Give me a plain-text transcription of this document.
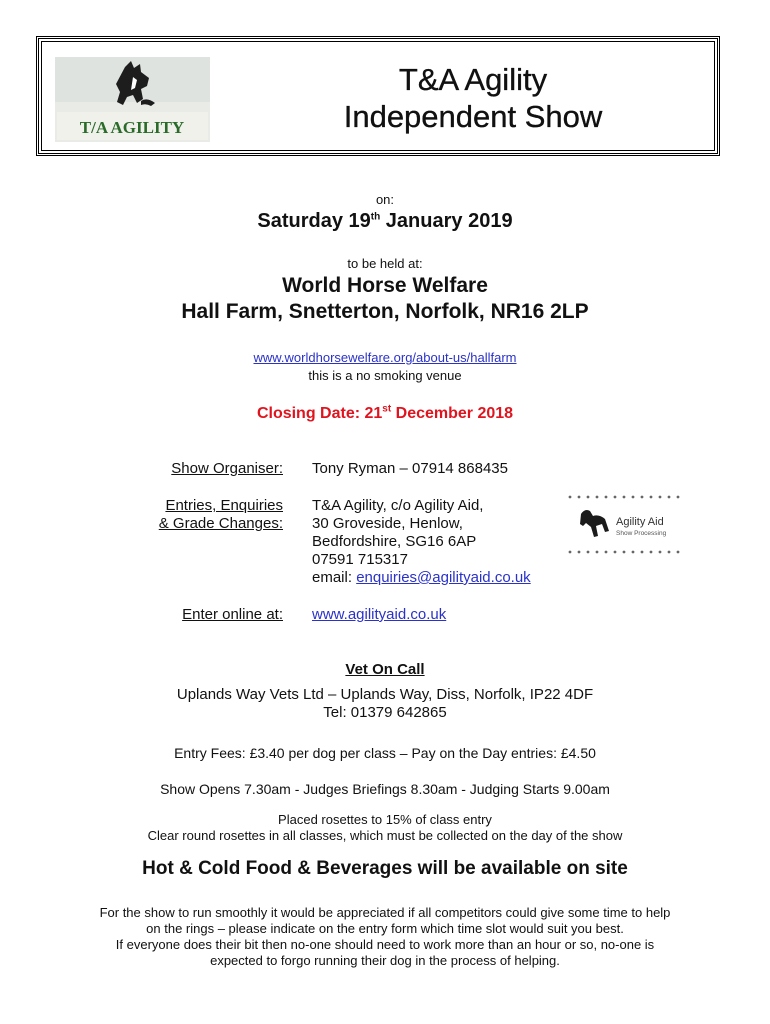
T/A AGILITY
T&A Agility
Independent Show
on:
Saturday 19th January 2019
to be held at:
World Horse Welfare
Hall Farm, Snetterton, Norfolk, NR16 2LP
www.worldhorsewelfare.org/about-us/hallfarm
this is a no smoking venue
Closing Date: 21st December 2018
Show Organiser: Tony Ryman – 07914 868435
Entries, Enquiries
& Grade Changes:
T&A Agility, c/o Agility Aid,
30 Groveside, Henlow,
Bedfordshire, SG16 6AP
07591 715317
email: enquiries@agilityaid.co.uk
Agility Aid
Show Processing
Enter online at: www.agilityaid.co.uk
Vet On Call
Uplands Way Vets Ltd – Uplands Way, Diss, Norfolk, IP22 4DF
Tel: 01379 642865
Entry Fees: £3.40 per dog per class – Pay on the Day entries: £4.50
Show Opens 7.30am - Judges Briefings 8.30am - Judging Starts 9.00am
Placed rosettes to 15% of class entry
Clear round rosettes in all classes, which must be collected on the day of the show
Hot & Cold Food & Beverages will be available on site
For the show to run smoothly it would be appreciated if all competitors could give some time to help
on the rings – please indicate on the entry form which time slot would suit you best.
If everyone does their bit then no-one should need to work more than an hour or so, no-one is
expected to forgo running their dog in the process of helping.
